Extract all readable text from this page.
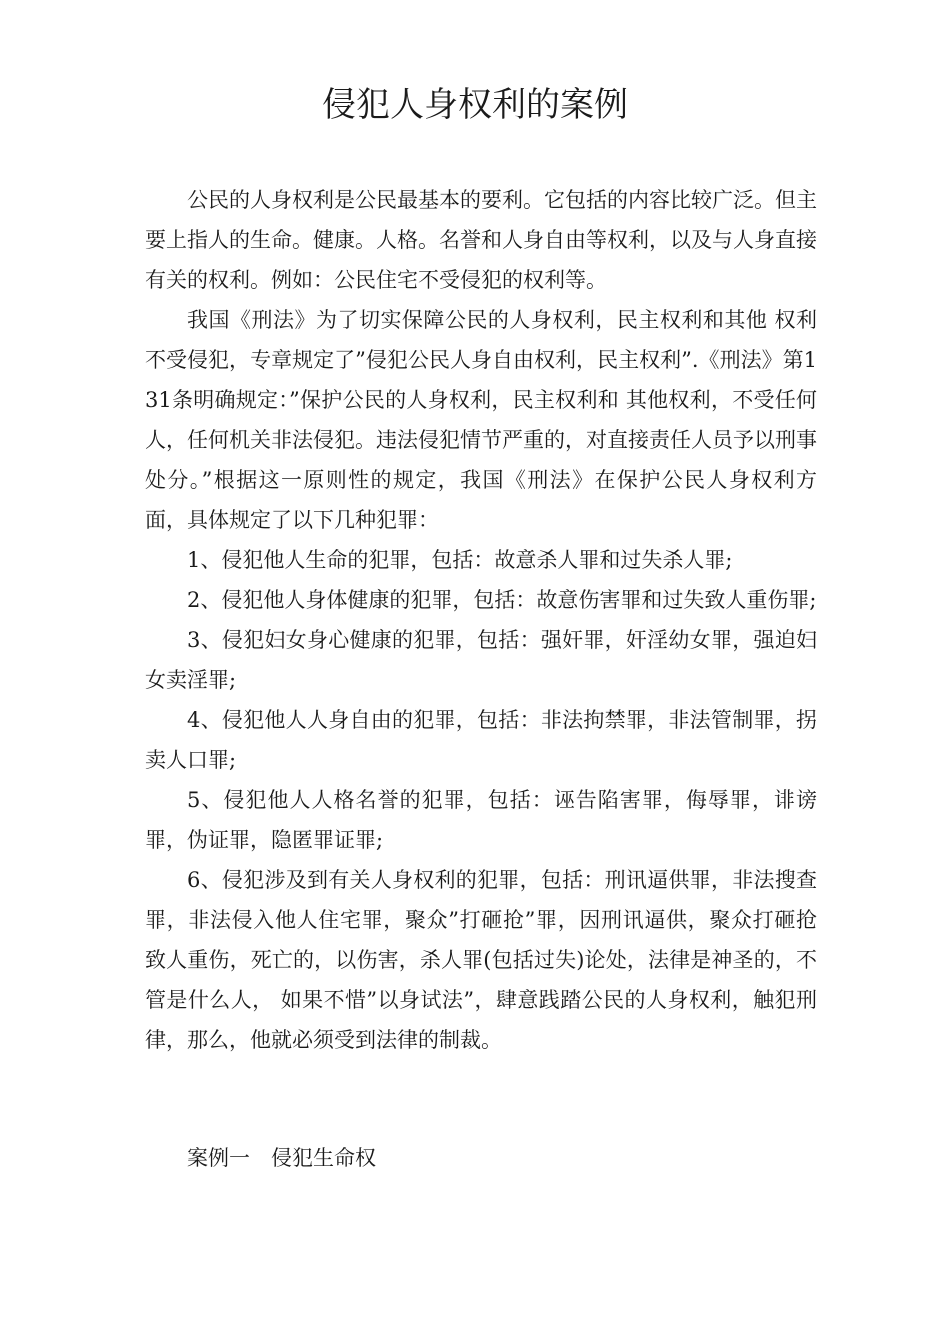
侵犯人身权利的案例

公民的人身权利是公民最基本的要利。它包括的内容比较广泛。但主要上指人的生命。健康。人格。名誉和人身自由等权利，以及与人身直接有关的权利。例如：公民住宅不受侵犯的权利等。

我国《刑法》为了切实保障公民的人身权利，民主权利和其他 权利不受侵犯，专章规定了”侵犯公民人身自由权利，民主权利”.《刑法》第131条明确规定：”保护公民的人身权利，民主权利和 其他权利，不受任何人，任何机关非法侵犯。违法侵犯情节严重的，对直接责任人员予以刑事处分。”根据这一原则性的规定，我国《刑法》在保护公民人身权利方面，具体规定了以下几种犯罪：

1、侵犯他人生命的犯罪，包括：故意杀人罪和过失杀人罪;

2、侵犯他人身体健康的犯罪，包括：故意伤害罪和过失致人重伤罪;

3、侵犯妇女身心健康的犯罪，包括：强奸罪，奸淫幼女罪，强迫妇女卖淫罪;

4、侵犯他人人身自由的犯罪，包括：非法拘禁罪，非法管制罪，拐卖人口罪;

5、侵犯他人人格名誉的犯罪，包括：诬告陷害罪，侮辱罪，诽谤罪，伪证罪，隐匿罪证罪;

6、侵犯涉及到有关人身权利的犯罪，包括：刑讯逼供罪，非法搜查罪，非法侵入他人住宅罪，聚众”打砸抢”罪，因刑讯逼供，聚众打砸抢致人重伤，死亡的，以伤害，杀人罪(包括过失)论处，法律是神圣的，不管是什么人， 如果不惜”以身试法”，肆意践踏公民的人身权利，触犯刑律，那么，他就必须受到法律的制裁。

案例一　侵犯生命权
